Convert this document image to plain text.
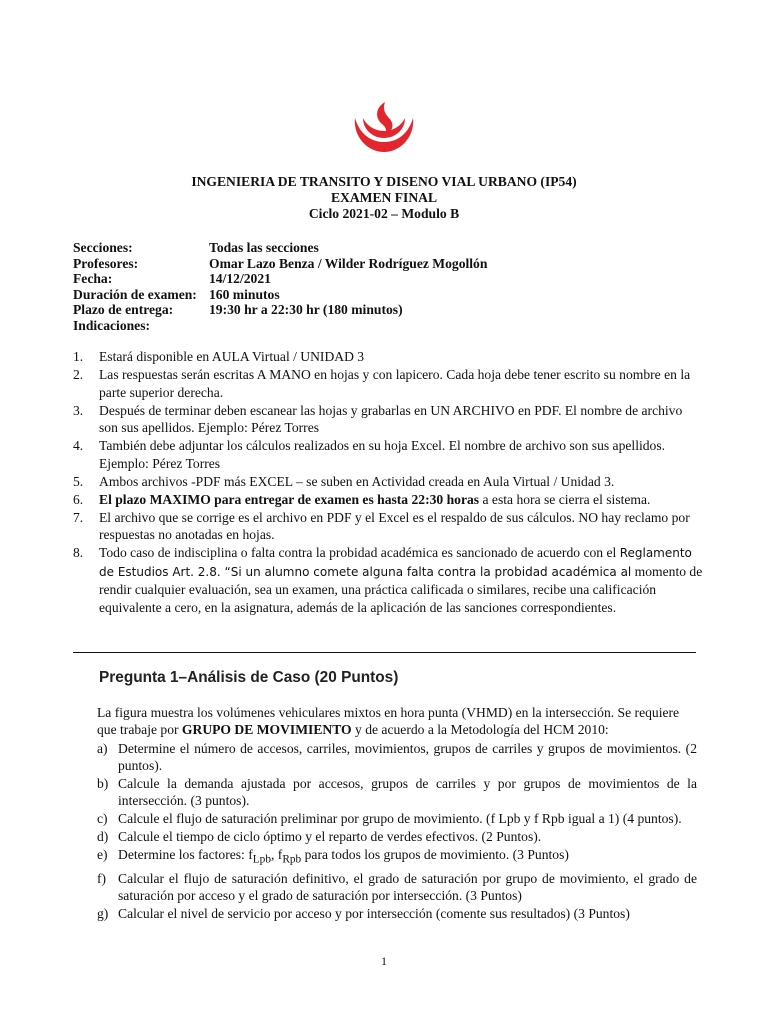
INGENIERIA DE TRANSITO Y DISENO VIAL URBANO (IP54)
EXAMEN FINAL
Ciclo 2021-02 – Modulo B
Secciones:	Todas las secciones
Profesores:	Omar Lazo Benza / Wilder Rodríguez Mogollón
Fecha:	14/12/2021
Duración de examen: 160 minutos
Plazo de entrega:	19:30 hr a 22:30 hr (180 minutos)
Indicaciones:
1. Estará disponible en AULA Virtual / UNIDAD 3
2. Las respuestas serán escritas A MANO en hojas y con lapicero. Cada hoja debe tener escrito su nombre en la parte superior derecha.
3. Después de terminar deben escanear las hojas y grabarlas en UN ARCHIVO en PDF. El nombre de archivo son sus apellidos. Ejemplo: Pérez Torres
4. También debe adjuntar los cálculos realizados en su hoja Excel. El nombre de archivo son sus apellidos. Ejemplo: Pérez Torres
5. Ambos archivos -PDF más EXCEL – se suben en Actividad creada en Aula Virtual / Unidad 3.
6. El plazo MAXIMO para entregar de examen es hasta 22:30 horas a esta hora se cierra el sistema.
7. El archivo que se corrige es el archivo en PDF y el Excel es el respaldo de sus cálculos. NO hay reclamo por respuestas no anotadas en hojas.
8. Todo caso de indisciplina o falta contra la probidad académica es sancionado de acuerdo con el Reglamento de Estudios Art. 2.8. “Si un alumno comete alguna falta contra la probidad académica al momento de rendir cualquier evaluación, sea un examen, una práctica calificada o similares, recibe una calificación equivalente a cero, en la asignatura, además de la aplicación de las sanciones correspondientes.
Pregunta 1–Análisis de Caso (20 Puntos)
La figura muestra los volúmenes vehiculares mixtos en hora punta (VHMD) en la intersección. Se requiere que trabaje por GRUPO DE MOVIMIENTO y de acuerdo a la Metodología del HCM 2010:
a) Determine el número de accesos, carriles, movimientos, grupos de carriles y grupos de movimientos. (2 puntos).
b) Calcule la demanda ajustada por accesos, grupos de carriles y por grupos de movimientos de la intersección. (3 puntos).
c) Calcule el flujo de saturación preliminar por grupo de movimiento. (f Lpb y f Rpb igual a 1) (4 puntos).
d) Calcule el tiempo de ciclo óptimo y el reparto de verdes efectivos. (2 Puntos).
e) Determine los factores: $f_{Lpb}$, $f_{Rpb}$ para todos los grupos de movimiento. (3 Puntos)
f) Calcular el flujo de saturación definitivo, el grado de saturación por grupo de movimiento, el grado de saturación por acceso y el grado de saturación por intersección. (3 Puntos)
g) Calcular el nivel de servicio por acceso y por intersección (comente sus resultados) (3 Puntos)
1
